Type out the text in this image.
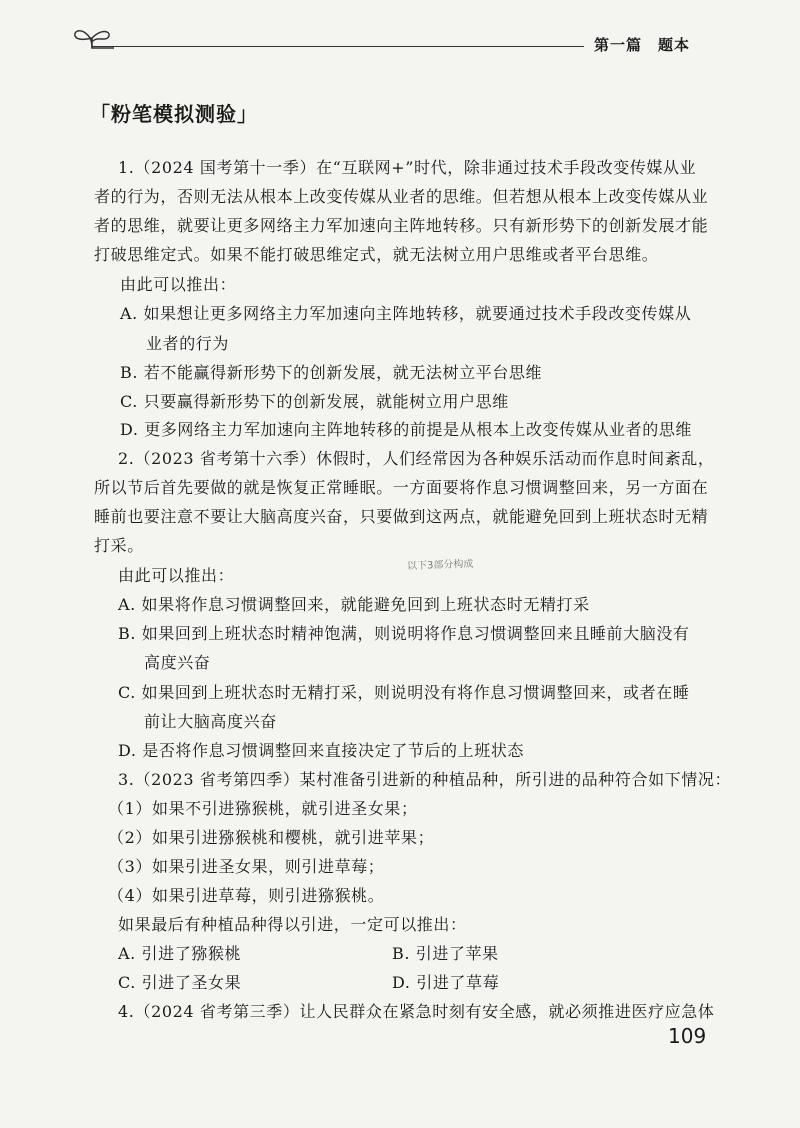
第一篇　题本
「粉笔模拟测验」
1.（2024 国考第十一季）在“互联网+”时代，除非通过技术手段改变传媒从业
者的行为，否则无法从根本上改变传媒从业者的思维。但若想从根本上改变传媒从业
者的思维，就要让更多网络主力军加速向主阵地转移。只有新形势下的创新发展才能
打破思维定式。如果不能打破思维定式，就无法树立用户思维或者平台思维。
由此可以推出：
A. 如果想让更多网络主力军加速向主阵地转移，就要通过技术手段改变传媒从
业者的行为
B. 若不能赢得新形势下的创新发展，就无法树立平台思维
C. 只要赢得新形势下的创新发展，就能树立用户思维
D. 更多网络主力军加速向主阵地转移的前提是从根本上改变传媒从业者的思维
2.（2023 省考第十六季）休假时，人们经常因为各种娱乐活动而作息时间紊乱，
所以节后首先要做的就是恢复正常睡眠。一方面要将作息习惯调整回来，另一方面在
睡前也要注意不要让大脑高度兴奋，只要做到这两点，就能避免回到上班状态时无精
打采。
由此可以推出：
以下3部分构成
A. 如果将作息习惯调整回来，就能避免回到上班状态时无精打采
B. 如果回到上班状态时精神饱满，则说明将作息习惯调整回来且睡前大脑没有
高度兴奋
C. 如果回到上班状态时无精打采，则说明没有将作息习惯调整回来，或者在睡
前让大脑高度兴奋
D. 是否将作息习惯调整回来直接决定了节后的上班状态
3.（2023 省考第四季）某村准备引进新的种植品种，所引进的品种符合如下情况：
（1）如果不引进猕猴桃，就引进圣女果；
（2）如果引进猕猴桃和樱桃，就引进苹果；
（3）如果引进圣女果，则引进草莓；
（4）如果引进草莓，则引进猕猴桃。
如果最后有种植品种得以引进，一定可以推出：
A. 引进了猕猴桃	B. 引进了苹果
C. 引进了圣女果	D. 引进了草莓
4.（2024 省考第三季）让人民群众在紧急时刻有安全感，就必须推进医疗应急体
109
